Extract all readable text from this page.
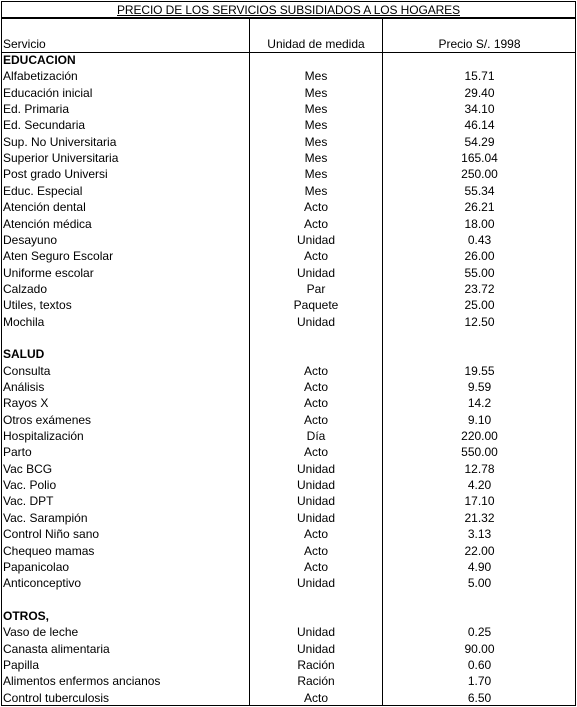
PRECIO DE LOS SERVICIOS SUBSIDIADOS A LOS HOGARES
Servicio	Unidad de medida	Precio S/. 1998
EDUCACION
Alfabetización	Mes	15.71
Educación inicial	Mes	29.40
Ed. Primaria	Mes	34.10
Ed. Secundaria	Mes	46.14
Sup. No Universitaria	Mes	54.29
Superior Universitaria	Mes	165.04
Post grado Universi	Mes	250.00
Educ. Especial	Mes	55.34
Atención dental	Acto	26.21
Atención médica	Acto	18.00
Desayuno	Unidad	0.43
Aten Seguro Escolar	Acto	26.00
Uniforme escolar	Unidad	55.00
Calzado	Par	23.72
Utiles, textos	Paquete	25.00
Mochila	Unidad	12.50
SALUD
Consulta	Acto	19.55
Análisis	Acto	9.59
Rayos X	Acto	14.2
Otros exámenes	Acto	9.10
Hospitalización	Día	220.00
Parto	Acto	550.00
Vac BCG	Unidad	12.78
Vac. Polio	Unidad	4.20
Vac. DPT	Unidad	17.10
Vac. Sarampión	Unidad	21.32
Control Niño sano	Acto	3.13
Chequeo mamas	Acto	22.00
Papanicolao	Acto	4.90
Anticonceptivo	Unidad	5.00
OTROS,
Vaso de leche	Unidad	0.25
Canasta alimentaria	Unidad	90.00
Papilla	Ración	0.60
Alimentos enfermos ancianos	Ración	1.70
Control tuberculosis	Acto	6.50
